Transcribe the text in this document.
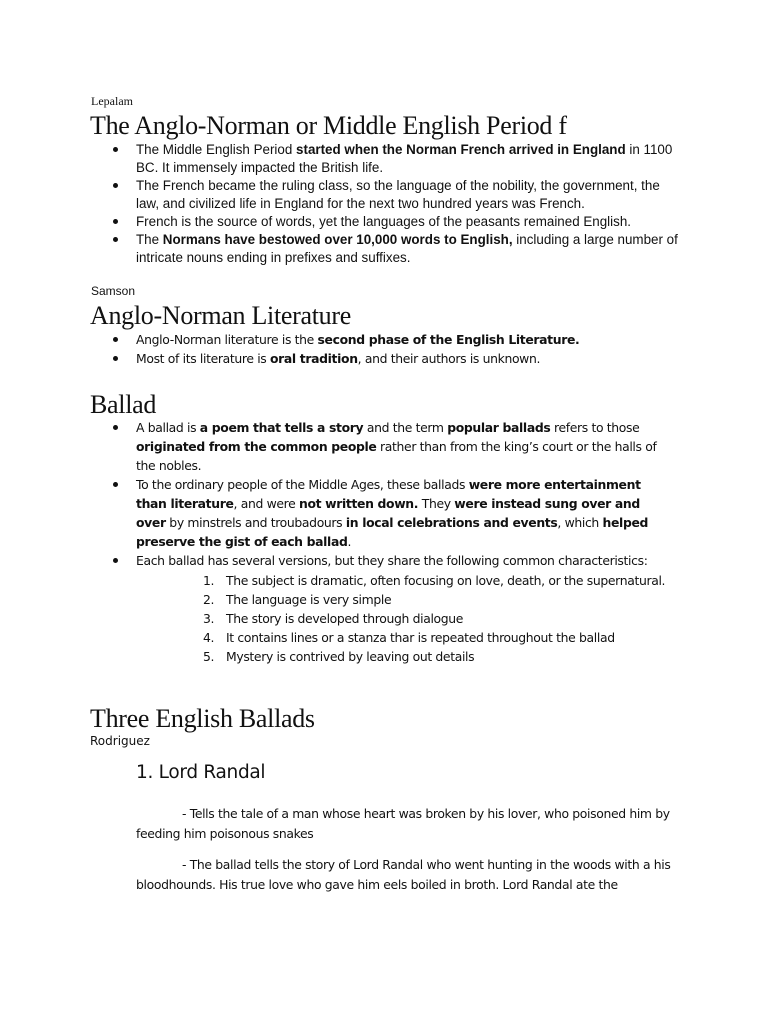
Lepalam
The Anglo-Norman or Middle English Period f
The Middle English Period started when the Norman French arrived in England in 1100 BC. It immensely impacted the British life.
The French became the ruling class, so the language of the nobility, the government, the law, and civilized life in England for the next two hundred years was French.
French is the source of words, yet the languages of the peasants remained English.
The Normans have bestowed over 10,000 words to English, including a large number of intricate nouns ending in prefixes and suffixes.
Samson
Anglo-Norman Literature
Anglo-Norman literature is the second phase of the English Literature.
Most of its literature is oral tradition, and their authors is unknown.
Ballad
A ballad is a poem that tells a story and the term popular ballads refers to those originated from the common people rather than from the king’s court or the halls of the nobles.
To the ordinary people of the Middle Ages, these ballads were more entertainment than literature, and were not written down. They were instead sung over and over by minstrels and troubadours in local celebrations and events, which helped preserve the gist of each ballad.
Each ballad has several versions, but they share the following common characteristics:
1. The subject is dramatic, often focusing on love, death, or the supernatural.
2. The language is very simple
3. The story is developed through dialogue
4. It contains lines or a stanza thar is repeated throughout the ballad
5. Mystery is contrived by leaving out details
Three English Ballads
Rodriguez
1. Lord Randal

- Tells the tale of a man whose heart was broken by his lover, who poisoned him by feeding him poisonous snakes

- The ballad tells the story of Lord Randal who went hunting in the woods with a his bloodhounds. His true love who gave him eels boiled in broth. Lord Randal ate the
